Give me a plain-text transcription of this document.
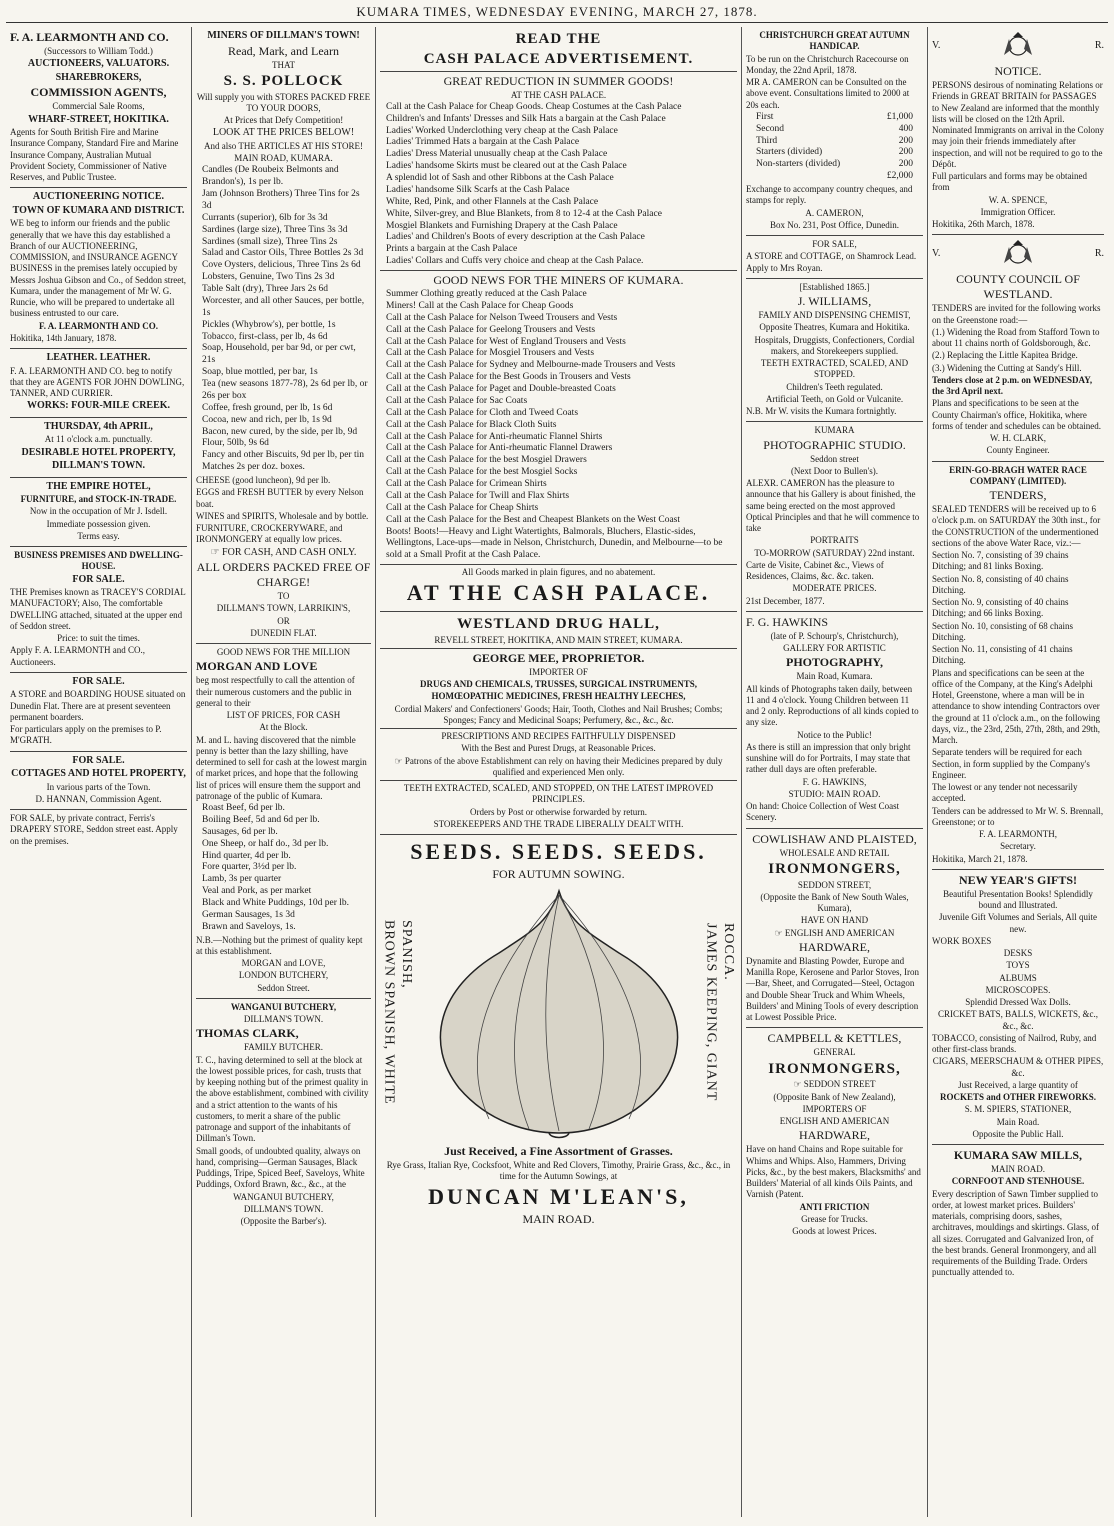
KUMARA TIMES, WEDNESDAY EVENING, MARCH 27, 1878.

F. A. LEARMONTH AND CO.

(Successors to William Todd.)

AUCTIONEERS, VALUATORS.

SHAREBROKERS,

COMMISSION AGENTS,

Commercial Sale Rooms,

WHARF-STREET, HOKITIKA.

Agents for South British Fire and Marine Insurance Company, Standard Fire and Marine Insurance Company, Australian Mutual Provident Society, Commissioner of Native Reserves, and Public Trustee.

AUCTIONEERING NOTICE.

TOWN OF KUMARA AND DISTRICT.

WE beg to inform our friends and the public generally that we have this day established a Branch of our AUCTIONEERING, COMMISSION, and INSURANCE AGENCY BUSINESS in the premises lately occupied by Messrs Joshua Gibson and Co., of Seddon street, Kumara, under the management of Mr W. G. Runcie, who will be prepared to undertake all business entrusted to our care.

F. A. LEARMONTH AND CO.

Hokitika, 14th January, 1878.

LEATHER. LEATHER.

F. A. LEARMONTH AND CO. beg to notify that they are AGENTS FOR JOHN DOWLING, TANNER, AND CURRIER.

WORKS: FOUR-MILE CREEK.

THURSDAY, 4th APRIL,

At 11 o'clock a.m. punctually.

DESIRABLE HOTEL PROPERTY,

DILLMAN'S TOWN.

THE EMPIRE HOTEL,

FURNITURE, and STOCK-IN-TRADE.

Now in the occupation of Mr J. Isdell.

Immediate possession given.

Terms easy.

BUSINESS PREMISES AND DWELLING-HOUSE.

FOR SALE.

THE Premises known as TRACEY'S CORDIAL MANUFACTORY; Also, The comfortable DWELLING attached, situated at the upper end of Seddon street.

Price: to suit the times.

Apply F. A. LEARMONTH and CO., Auctioneers.

FOR SALE.

A STORE and BOARDING HOUSE situated on Dunedin Flat. There are at present seventeen permanent boarders.

For particulars apply on the premises to P. M'GRATH.

FOR SALE.

COTTAGES AND HOTEL PROPERTY,

In various parts of the Town.

D. HANNAN, Commission Agent.

FOR SALE, by private contract, Ferris's DRAPERY STORE, Seddon street east. Apply on the premises.

MINERS OF DILLMAN'S TOWN!

Read, Mark, and Learn

THAT

S. S. POLLOCK

Will supply you with STORES PACKED FREE TO YOUR DOORS,

At Prices that Defy Competition!

LOOK AT THE PRICES BELOW!

And also THE ARTICLES AT HIS STORE!

MAIN ROAD, KUMARA.

Candles (De Roubeix Belmonts and Brandon's), 1s per lb.

Jam (Johnson Brothers) Three Tins for 2s 3d

Currants (superior), 6lb for 3s 3d

Sardines (large size), Three Tins 3s 3d

Sardines (small size), Three Tins 2s

Salad and Castor Oils, Three Bottles 2s 3d

Cove Oysters, delicious, Three Tins 2s 6d

Lobsters, Genuine, Two Tins 2s 3d

Table Salt (dry), Three Jars 2s 6d

Worcester, and all other Sauces, per bottle, 1s

Pickles (Whybrow's), per bottle, 1s

Tobacco, first-class, per lb, 4s 6d

Soap, Household, per bar 9d, or per cwt, 21s

Soap, blue mottled, per bar, 1s

Tea (new seasons 1877-78), 2s 6d per lb, or 26s per box

Coffee, fresh ground, per lb, 1s 6d

Cocoa, new and rich, per lb, 1s 9d

Bacon, new cured, by the side, per lb, 9d

Flour, 50lb, 9s 6d

Fancy and other Biscuits, 9d per lb, per tin

Matches 2s per doz. boxes.

CHEESE (good luncheon), 9d per lb.

EGGS and FRESH BUTTER by every Nelson boat.

WINES and SPIRITS, Wholesale and by bottle.

FURNITURE, CROCKERYWARE, and IRONMONGERY at equally low prices.

☞ FOR CASH, AND CASH ONLY.

ALL ORDERS PACKED FREE OF CHARGE!

TO

DILLMAN'S TOWN, LARRIKIN'S,

OR

DUNEDIN FLAT.

GOOD NEWS FOR THE MILLION

MORGAN AND LOVE

beg most respectfully to call the attention of their numerous customers and the public in general to their

LIST OF PRICES, FOR CASH

At the Block.

M. and L. having discovered that the nimble penny is better than the lazy shilling, have determined to sell for cash at the lowest margin of market prices, and hope that the following list of prices will ensure them the support and patronage of the public of Kumara.

Roast Beef, 6d per lb.

Boiling Beef, 5d and 6d per lb.

Sausages, 6d per lb.

One Sheep, or half do., 3d per lb.

Hind quarter, 4d per lb.

Fore quarter, 3½d per lb.

Lamb, 3s per quarter

Veal and Pork, as per market

Black and White Puddings, 10d per lb.

German Sausages, 1s 3d

Brawn and Saveloys, 1s.

N.B.—Nothing but the primest of quality kept at this establishment.

MORGAN and LOVE,

LONDON BUTCHERY,

Seddon Street.

WANGANUI BUTCHERY,

DILLMAN'S TOWN.

THOMAS CLARK,

FAMILY BUTCHER.

T. C., having determined to sell at the block at the lowest possible prices, for cash, trusts that by keeping nothing but of the primest quality in the above establishment, combined with civility and a strict attention to the wants of his customers, to merit a share of the public patronage and support of the inhabitants of Dillman's Town.

Small goods, of undoubted quality, always on hand, comprising—German Sausages, Black Puddings, Tripe, Spiced Beef, Saveloys, White Puddings, Oxford Brawn, &c., &c., at the

WANGANUI BUTCHERY,

DILLMAN'S TOWN.

(Opposite the Barber's).

READ THE

CASH PALACE ADVERTISEMENT.

GREAT REDUCTION IN SUMMER GOODS!

AT THE CASH PALACE.

Call at the Cash Palace for Cheap Goods. Cheap Costumes at the Cash Palace

Children's and Infants' Dresses and Silk Hats a bargain at the Cash Palace

Ladies' Worked Underclothing very cheap at the Cash Palace

Ladies' Trimmed Hats a bargain at the Cash Palace

Ladies' Dress Material unusually cheap at the Cash Palace

Ladies' handsome Skirts must be cleared out at the Cash Palace

A splendid lot of Sash and other Ribbons at the Cash Palace

Ladies' handsome Silk Scarfs at the Cash Palace

White, Red, Pink, and other Flannels at the Cash Palace

White, Silver-grey, and Blue Blankets, from 8 to 12-4 at the Cash Palace

Mosgiel Blankets and Furnishing Drapery at the Cash Palace

Ladies' and Children's Boots of every description at the Cash Palace

Prints a bargain at the Cash Palace

Ladies' Collars and Cuffs very choice and cheap at the Cash Palace.

GOOD NEWS FOR THE MINERS OF KUMARA.

Summer Clothing greatly reduced at the Cash Palace

Miners! Call at the Cash Palace for Cheap Goods

Call at the Cash Palace for Nelson Tweed Trousers and Vests

Call at the Cash Palace for Geelong Trousers and Vests

Call at the Cash Palace for West of England Trousers and Vests

Call at the Cash Palace for Mosgiel Trousers and Vests

Call at the Cash Palace for Sydney and Melbourne-made Trousers and Vests

Call at the Cash Palace for the Best Goods in Trousers and Vests

Call at the Cash Palace for Paget and Double-breasted Coats

Call at the Cash Palace for Sac Coats

Call at the Cash Palace for Cloth and Tweed Coats

Call at the Cash Palace for Black Cloth Suits

Call at the Cash Palace for Anti-rheumatic Flannel Shirts

Call at the Cash Palace for Anti-rheumatic Flannel Drawers

Call at the Cash Palace for the best Mosgiel Drawers

Call at the Cash Palace for the best Mosgiel Socks

Call at the Cash Palace for Crimean Shirts

Call at the Cash Palace for Twill and Flax Shirts

Call at the Cash Palace for Cheap Shirts

Call at the Cash Palace for the Best and Cheapest Blankets on the West Coast

Boots! Boots!—Heavy and Light Watertights, Balmorals, Bluchers, Elastic-sides, Wellingtons, Lace-ups—made in Nelson, Christchurch, Dunedin, and Melbourne—to be sold at a Small Profit at the Cash Palace.

All Goods marked in plain figures, and no abatement.

AT THE CASH PALACE.

WESTLAND DRUG HALL,

REVELL STREET, HOKITIKA, AND MAIN STREET, KUMARA.

GEORGE MEE, PROPRIETOR.

IMPORTER OF

DRUGS AND CHEMICALS, TRUSSES, SURGICAL INSTRUMENTS,

HOMŒOPATHIC MEDICINES, FRESH HEALTHY LEECHES,

Cordial Makers' and Confectioners' Goods; Hair, Tooth, Clothes and Nail Brushes; Combs; Sponges; Fancy and Medicinal Soaps; Perfumery, &c., &c., &c.

PRESCRIPTIONS AND RECIPES FAITHFULLY DISPENSED

With the Best and Purest Drugs, at Reasonable Prices.

☞ Patrons of the above Establishment can rely on having their Medicines prepared by duly qualified and experienced Men only.

TEETH EXTRACTED, SCALED, AND STOPPED, ON THE LATEST IMPROVED PRINCIPLES.

Orders by Post or otherwise forwarded by return.

STOREKEEPERS AND THE TRADE LIBERALLY DEALT WITH.

SEEDS. SEEDS. SEEDS.

FOR AUTUMN SOWING.

BROWN SPANISH, WHITE SPANISH,	JAMES KEEPING, GIANT ROCCA.

Just Received, a Fine Assortment of Grasses.

Rye Grass, Italian Rye, Cocksfoot, White and Red Clovers, Timothy, Prairie Grass, &c., &c., in time for the Autumn Sowings, at

DUNCAN M'LEAN'S,

MAIN ROAD.

CHRISTCHURCH GREAT AUTUMN HANDICAP.

To be run on the Christchurch Racecourse on Monday, the 22nd April, 1878.

MR A. CAMERON can be Consulted on the above event. Consultations limited to 2000 at 20s each.

First	£1,000
Second	400
Third	200
Starters (divided)	200
Non-starters (divided)	200
£2,000

Exchange to accompany country cheques, and stamps for reply.

A. CAMERON,

Box No. 231, Post Office, Dunedin.

FOR SALE,

A STORE and COTTAGE, on Shamrock Lead. Apply to Mrs Royan.

[Established 1865.]

J. WILLIAMS,

FAMILY AND DISPENSING CHEMIST,

Opposite Theatres, Kumara and Hokitika.

Hospitals, Druggists, Confectioners, Cordial makers, and Storekeepers supplied.

TEETH EXTRACTED, SCALED, AND STOPPED.

Children's Teeth regulated.

Artificial Teeth, on Gold or Vulcanite.

N.B. Mr W. visits the Kumara fortnightly.

KUMARA

PHOTOGRAPHIC STUDIO.

Seddon street

(Next Door to Bullen's).

ALEXR. CAMERON has the pleasure to announce that his Gallery is about finished, the same being erected on the most approved Optical Principles and that he will commence to take

PORTRAITS

TO-MORROW (SATURDAY) 22nd instant.

Carte de Visite, Cabinet &c., Views of Residences, Claims, &c. &c. taken.

MODERATE PRICES.

21st December, 1877.

F. G. HAWKINS

(late of P. Schourp's, Christchurch),

GALLERY FOR ARTISTIC

PHOTOGRAPHY,

Main Road, Kumara.

All kinds of Photographs taken daily, between 11 and 4 o'clock. Young Children between 11 and 2 only. Reproductions of all kinds copied to any size.

Notice to the Public!

As there is still an impression that only bright sunshine will do for Portraits, I may state that rather dull days are often preferable.

F. G. HAWKINS,

STUDIO: MAIN ROAD.

On hand: Choice Collection of West Coast Scenery.

COWLISHAW AND PLAISTED,

WHOLESALE AND RETAIL

IRONMONGERS,

SEDDON STREET,

(Opposite the Bank of New South Wales, Kumara),

HAVE ON HAND

☞ ENGLISH AND AMERICAN

HARDWARE,

Dynamite and Blasting Powder, Europe and Manilla Rope, Kerosene and Parlor Stoves, Iron—Bar, Sheet, and Corrugated—Steel, Octagon and Double Shear Truck and Whim Wheels, Builders' and Mining Tools of every description at Lowest Possible Price.

CAMPBELL & KETTLES,

GENERAL

IRONMONGERS,

☞ SEDDON STREET

(Opposite Bank of New Zealand),

IMPORTERS OF

ENGLISH AND AMERICAN

HARDWARE,

Have on hand Chains and Rope suitable for Whims and Whips. Also, Hammers, Driving Picks, &c., by the best makers, Blacksmiths' and Builders' Material of all kinds Oils Paints, and Varnish (Patent.

ANTI FRICTION

Grease for Trucks.

Goods at lowest Prices.

V.	R.

NOTICE.

PERSONS desirous of nominating Relations or Friends in GREAT BRITAIN for PASSAGES to New Zealand are informed that the monthly lists will be closed on the 12th April. Nominated Immigrants on arrival in the Colony may join their friends immediately after inspection, and will not be required to go to the Dépôt.

Full particulars and forms may be obtained from

W. A. SPENCE,

Immigration Officer.

Hokitika, 26th March, 1878.

V.	R.

COUNTY COUNCIL OF WESTLAND.

TENDERS are invited for the following works on the Greenstone road:—

(1.) Widening the Road from Stafford Town to about 11 chains north of Goldsborough, &c.

(2.) Replacing the Little Kapitea Bridge.

(3.) Widening the Cutting at Sandy's Hill.

Tenders close at 2 p.m. on WEDNESDAY, the 3rd April next.

Plans and specifications to be seen at the County Chairman's office, Hokitika, where forms of tender and schedules can be obtained.

W. H. CLARK,

County Engineer.

ERIN-GO-BRAGH WATER RACE COMPANY (LIMITED).

TENDERS,

SEALED TENDERS will be received up to 6 o'clock p.m. on SATURDAY the 30th inst., for the CONSTRUCTION of the undermentioned sections of the above Water Race, viz.:—

Section No. 7, consisting of 39 chains Ditching; and 81 links Boxing.

Section No. 8, consisting of 40 chains Ditching.

Section No. 9, consisting of 40 chains Ditching; and 66 links Boxing.

Section No. 10, consisting of 68 chains Ditching.

Section No. 11, consisting of 41 chains Ditching.

Plans and specifications can be seen at the office of the Company, at the King's Adelphi Hotel, Greenstone, where a man will be in attendance to show intending Contractors over the ground at 11 o'clock a.m., on the following days, viz., the 23rd, 25th, 27th, 28th, and 29th, March.

Separate tenders will be required for each Section, in form supplied by the Company's Engineer.

The lowest or any tender not necessarily accepted.

Tenders can be addressed to Mr W. S. Brennall, Greenstone; or to

F. A. LEARMONTH,

Secretary.

Hokitika, March 21, 1878.

NEW YEAR'S GIFTS!

Beautiful Presentation Books! Splendidly bound and Illustrated.

Juvenile Gift Volumes and Serials, All quite new.

WORK BOXES

DESKS

TOYS

ALBUMS

MICROSCOPES.

Splendid Dressed Wax Dolls.

CRICKET BATS, BALLS, WICKETS, &c., &c., &c.

TOBACCO, consisting of Nailrod, Ruby, and other first-class brands.

CIGARS, MEERSCHAUM & OTHER PIPES, &c.

Just Received, a large quantity of

ROCKETS and OTHER FIREWORKS.

S. M. SPIERS, STATIONER,

Main Road.

Opposite the Public Hall.

KUMARA SAW MILLS,

MAIN ROAD.

CORNFOOT AND STENHOUSE.

Every description of Sawn Timber supplied to order, at lowest market prices. Builders' materials, comprising doors, sashes, architraves, mouldings and skirtings. Glass, of all sizes. Corrugated and Galvanized Iron, of the best brands. General Ironmongery, and all requirements of the Building Trade. Orders punctually attended to.
